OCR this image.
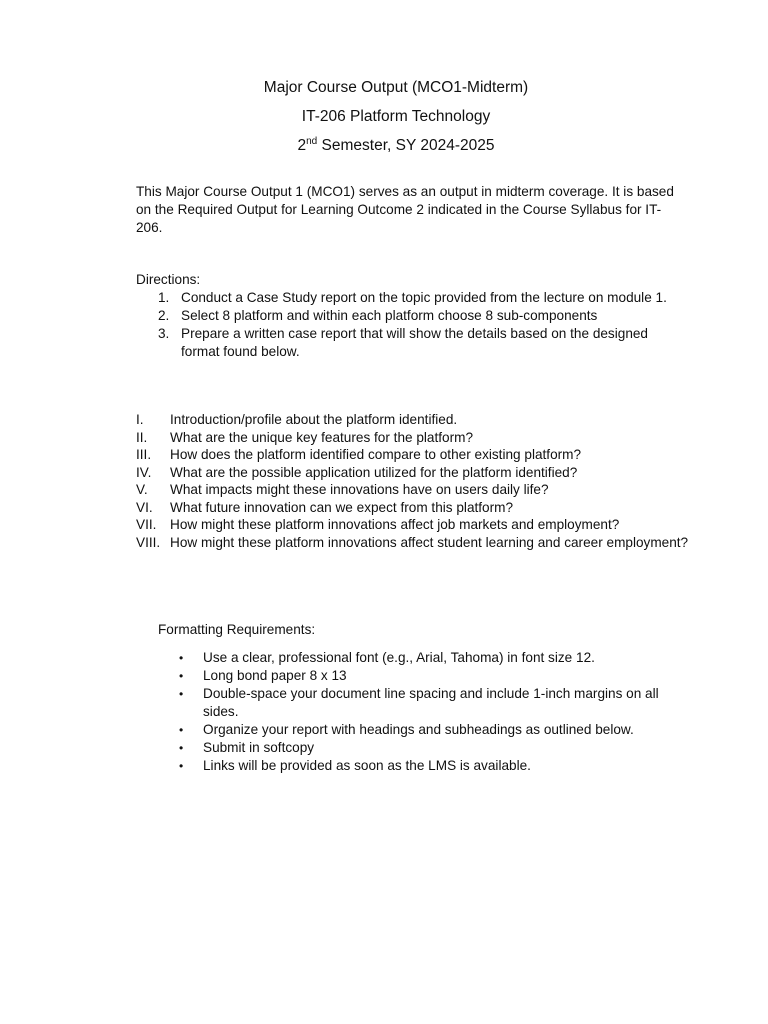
Major Course Output (MCO1-Midterm)
IT-206 Platform Technology
2nd Semester, SY 2024-2025
This Major Course Output 1 (MCO1) serves as an output in midterm coverage. It is based on the Required Output for Learning Outcome 2 indicated in the Course Syllabus for IT-206.
Directions:
1. Conduct a Case Study report on the topic provided from the lecture on module 1.
2. Select 8 platform and within each platform choose 8 sub-components
3. Prepare a written case report that will show the details based on the designed format found below.
I. Introduction/profile about the platform identified.
II. What are the unique key features for the platform?
III. How does the platform identified compare to other existing platform?
IV. What are the possible application utilized for the platform identified?
V. What impacts might these innovations have on users daily life?
VI. What future innovation can we expect from this platform?
VII. How might these platform innovations affect job markets and employment?
VIII. How might these platform innovations affect student learning and career employment?
Formatting Requirements:
• Use a clear, professional font (e.g., Arial, Tahoma) in font size 12.
• Long bond paper 8 x 13
• Double-space your document line spacing and include 1-inch margins on all sides.
• Organize your report with headings and subheadings as outlined below.
• Submit in softcopy
• Links will be provided as soon as the LMS is available.
